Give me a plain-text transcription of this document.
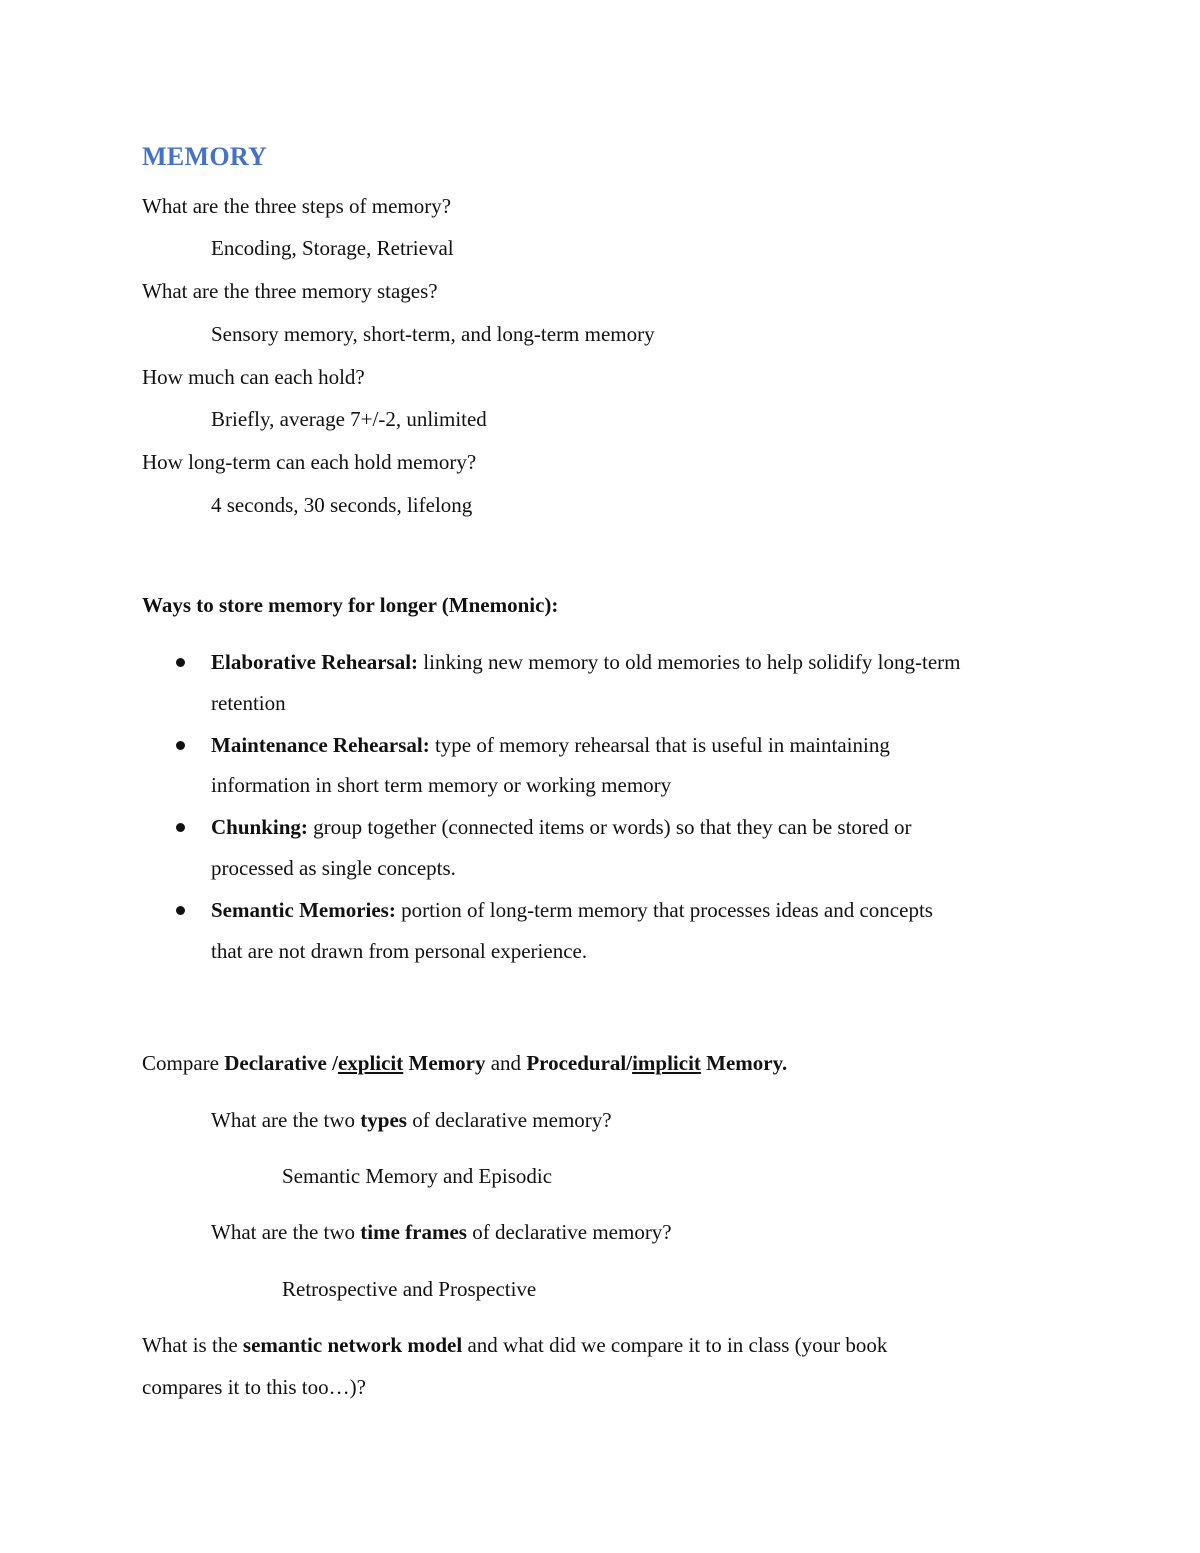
MEMORY
What are the three steps of memory?
Encoding, Storage, Retrieval
What are the three memory stages?
Sensory memory, short-term, and long-term memory
How much can each hold?
Briefly, average 7+/-2, unlimited
How long-term can each hold memory?
4 seconds, 30 seconds, lifelong
Ways to store memory for longer (Mnemonic):
Elaborative Rehearsal: linking new memory to old memories to help solidify long-term
retention
Maintenance Rehearsal: type of memory rehearsal that is useful in maintaining
information in short term memory or working memory
Chunking: group together (connected items or words) so that they can be stored or
processed as single concepts.
Semantic Memories: portion of long-term memory that processes ideas and concepts
that are not drawn from personal experience.
Compare Declarative /explicit Memory and Procedural/implicit Memory.
What are the two types of declarative memory?
Semantic Memory and Episodic
What are the two time frames of declarative memory?
Retrospective and Prospective
What is the semantic network model and what did we compare it to in class (your book
compares it to this too…)?
